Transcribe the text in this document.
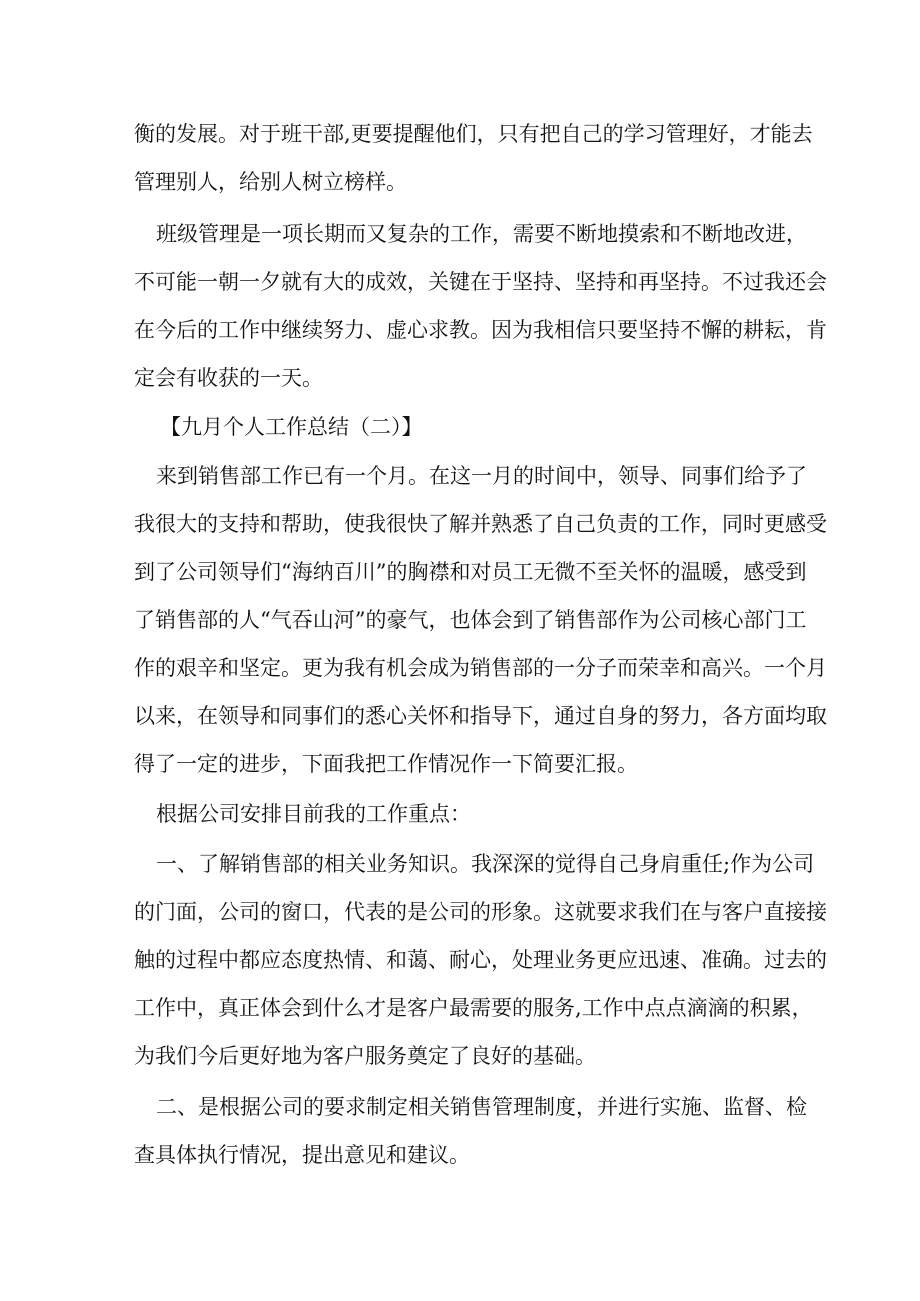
衡的发展。对于班干部,更要提醒他们，只有把自己的学习管理好，才能去
管理别人，给别人树立榜样。
班级管理是一项长期而又复杂的工作，需要不断地摸索和不断地改进，
不可能一朝一夕就有大的成效，关键在于坚持、坚持和再坚持。不过我还会
在今后的工作中继续努力、虚心求教。因为我相信只要坚持不懈的耕耘，肯
定会有收获的一天。
【九月个人工作总结（二）】
来到销售部工作已有一个月。在这一月的时间中，领导、同事们给予了
我很大的支持和帮助，使我很快了解并熟悉了自己负责的工作，同时更感受
到了公司领导们“海纳百川”的胸襟和对员工无微不至关怀的温暖，感受到
了销售部的人“气吞山河”的豪气，也体会到了销售部作为公司核心部门工
作的艰辛和坚定。更为我有机会成为销售部的一分子而荣幸和高兴。一个月
以来，在领导和同事们的悉心关怀和指导下，通过自身的努力，各方面均取
得了一定的进步，下面我把工作情况作一下简要汇报。
根据公司安排目前我的工作重点：
一、了解销售部的相关业务知识。我深深的觉得自己身肩重任;作为公司
的门面，公司的窗口，代表的是公司的形象。这就要求我们在与客户直接接
触的过程中都应态度热情、和蔼、耐心，处理业务更应迅速、准确。过去的
工作中，真正体会到什么才是客户最需要的服务,工作中点点滴滴的积累，
为我们今后更好地为客户服务奠定了良好的基础。
二、是根据公司的要求制定相关销售管理制度，并进行实施、监督、检
查具体执行情况，提出意见和建议。
